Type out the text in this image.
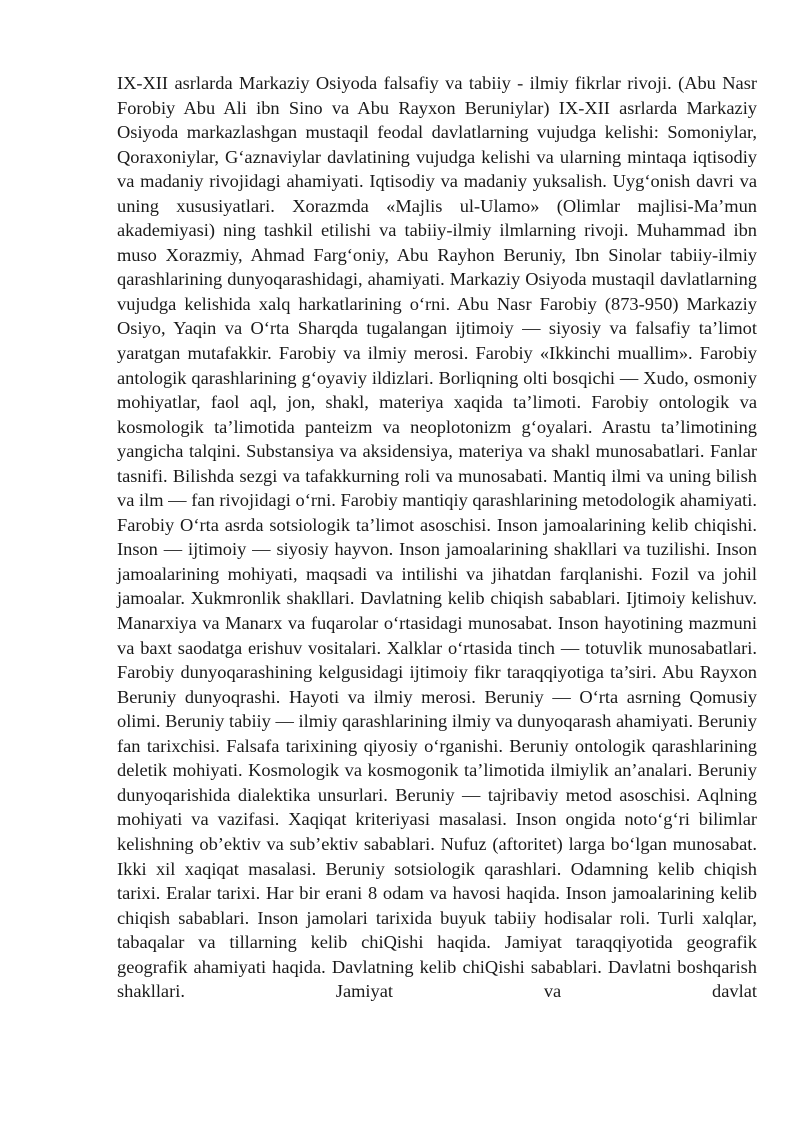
IX-XII asrlarda Markaziy Osiyoda falsafiy va tabiiy - ilmiy fikrlar rivoji. (Abu Nasr Forobiy Abu Ali ibn Sino va Abu Rayxon Beruniylar) IX-XII asrlarda Markaziy Osiyoda markazlashgan mustaqil feodal davlatlarning vujudga kelishi: Somoniylar, Qoraxoniylar, G‘aznaviylar davlatining vujudga kelishi va ularning mintaqa iqtisodiy va madaniy rivojidagi ahamiyati. Iqtisodiy va madaniy yuksalish. Uyg‘onish davri va uning xususiyatlari. Xorazmda «Majlis ul-Ulamo» (Olimlar majlisi-Ma’mun akademiyasi) ning tashkil etilishi va tabiiy-ilmiy ilmlarning rivoji. Muhammad ibn muso Xorazmiy, Ahmad Farg‘oniy, Abu Rayhon Beruniy, Ibn Sinolar tabiiy-ilmiy qarashlarining dunyoqarashidagi, ahamiyati. Markaziy Osiyoda mustaqil davlatlarning vujudga kelishida xalq harkatlarining o‘rni. Abu Nasr Farobiy (873-950) Markaziy Osiyo, Yaqin va O‘rta Sharqda tugalangan ijtimoiy — siyosiy va falsafiy ta’limot yaratgan mutafakkir. Farobiy va ilmiy merosi. Farobiy «Ikkinchi muallim». Farobiy antologik qarashlarining g‘oyaviy ildizlari. Borliqning olti bosqichi — Xudo, osmoniy mohiyatlar, faol aql, jon, shakl, materiya xaqida ta’limoti. Farobiy ontologik va kosmologik ta’limotida panteizm va neoplotonizm g‘oyalari. Arastu ta’limotining yangicha talqini. Substansiya va aksidensiya, materiya va shakl munosabatlari. Fanlar tasnifi. Bilishda sezgi va tafakkurning roli va munosabati. Mantiq ilmi va uning bilish va ilm — fan rivojidagi o‘rni. Farobiy mantiqiy qarashlarining metodologik ahamiyati. Farobiy O‘rta asrda sotsiologik ta’limot asoschisi. Inson jamoalarining kelib chiqishi. Inson — ijtimoiy — siyosiy hayvon. Inson jamoalarining shakllari va tuzilishi. Inson jamoalarining mohiyati, maqsadi va intilishi va jihatdan farqlanishi. Fozil va johil jamoalar. Xukmronlik shakllari. Davlatning kelib chiqish sabablari. Ijtimoiy kelishuv. Manarxiya va Manarx va fuqarolar o‘rtasidagi munosabat. Inson hayotining mazmuni va baxt saodatga erishuv vositalari. Xalklar o‘rtasida tinch — totuvlik munosabatlari. Farobiy dunyoqarashining kelgusidagi ijtimoiy fikr taraqqiyotiga ta’siri. Abu Rayxon Beruniy dunyoqrashi. Hayoti va ilmiy merosi. Beruniy — O‘rta asrning Qomusiy olimi. Beruniy tabiiy — ilmiy qarashlarining ilmiy va dunyoqarash ahamiyati. Beruniy fan tarixchisi. Falsafa tarixining qiyosiy o‘rganishi. Beruniy ontologik qarashlarining deletik mohiyati. Kosmologik va kosmogonik ta’limotida ilmiylik an’analari. Beruniy dunyoqarishida dialektika unsurlari. Beruniy — tajribaviy metod asoschisi. Aqlning mohiyati va vazifasi. Xaqiqat kriteriyasi masalasi. Inson ongida noto‘g‘ri bilimlar kelishning ob’ektiv va sub’ektiv sabablari. Nufuz (aftoritet) larga bo‘lgan munosabat. Ikki xil xaqiqat masalasi. Beruniy sotsiologik qarashlari. Odamning kelib chiqish tarixi. Eralar tarixi. Har bir erani 8 odam va havosi haqida. Inson jamoalarining kelib chiqish sabablari. Inson jamolari tarixida buyuk tabiiy hodisalar roli. Turli xalqlar, tabaqalar va tillarning kelib chiQishi haqida. Jamiyat taraqqiyotida geografik geografik ahamiyati haqida. Davlatning kelib chiQishi sabablari. Davlatni boshqarish shakllari. Jamiyat va davlat
